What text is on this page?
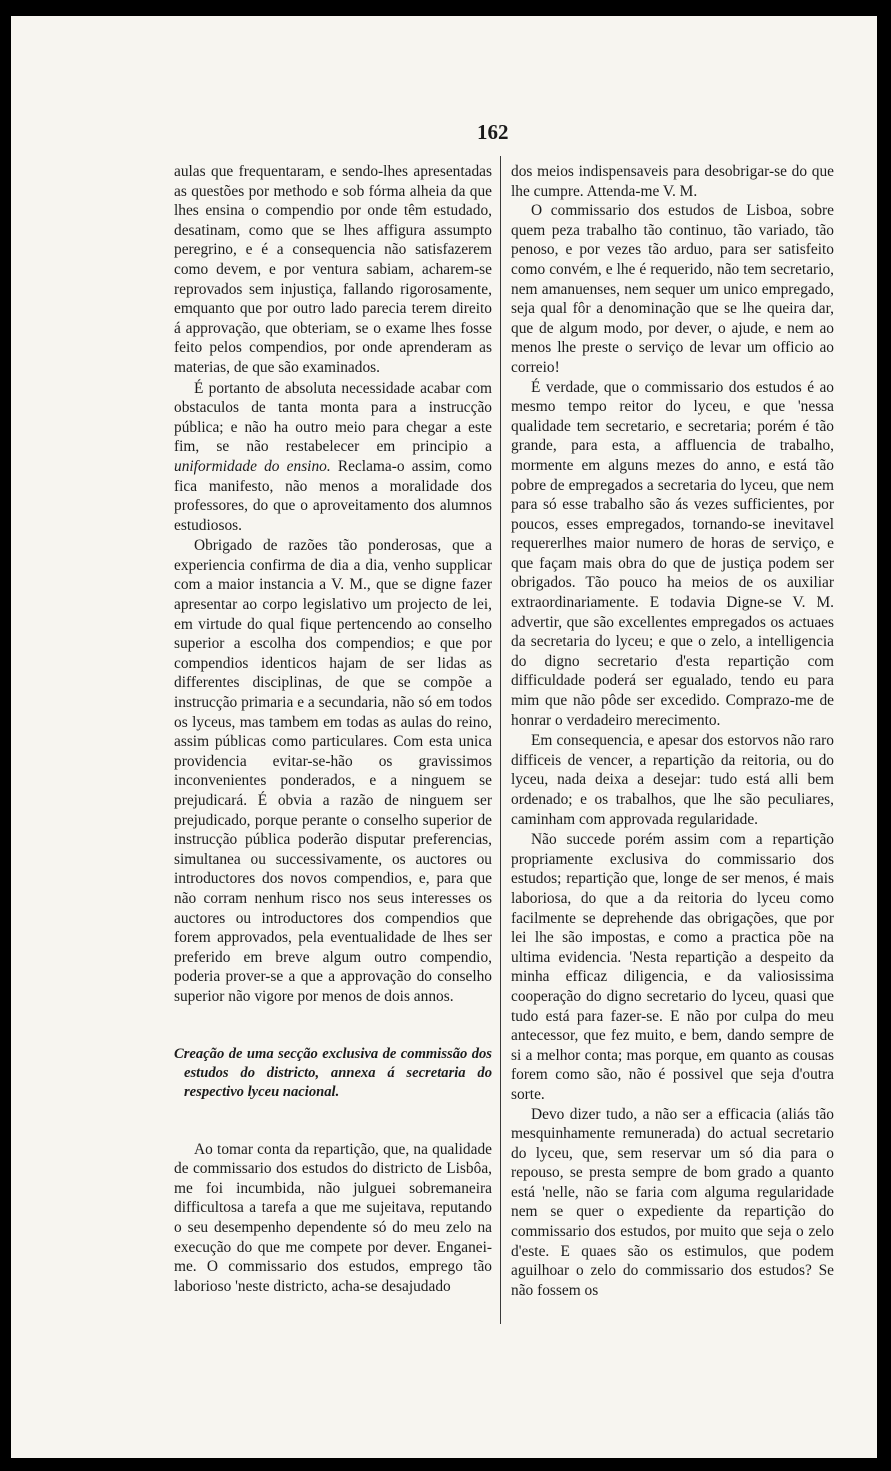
162

aulas que frequentaram, e sendo-lhes apresentadas as questões por methodo e sob fórma alheia da que lhes ensina o compendio por onde têm estudado, desatinam, como que se lhes affigura assumpto peregrino, e é a consequencia não satisfazerem como devem, e por ventura sabiam, acharem-se reprovados sem injustiça, fallando rigorosamente, emquanto que por outro lado parecia terem direito á approvação, que obteriam, se o exame lhes fosse feito pelos compendios, por onde aprenderam as materias, de que são examinados.

É portanto de absoluta necessidade acabar com obstaculos de tanta monta para a instrucção pública; e não ha outro meio para chegar a este fim, se não restabelecer em principio a uniformidade do ensino. Reclama-o assim, como fica manifesto, não menos a moralidade dos professores, do que o aproveitamento dos alumnos estudiosos.

Obrigado de razões tão ponderosas, que a experiencia confirma de dia a dia, venho supplicar com a maior instancia a V. M., que se digne fazer apresentar ao corpo legislativo um projecto de lei, em virtude do qual fique pertencendo ao conselho superior a escolha dos compendios; e que por compendios identicos hajam de ser lidas as differentes disciplinas, de que se compõe a instrucção primaria e a secundaria, não só em todos os lyceus, mas tambem em todas as aulas do reino, assim públicas como particulares. Com esta unica providencia evitar-se-hão os gravissimos inconvenientes ponderados, e a ninguem se prejudicará. É obvia a razão de ninguem ser prejudicado, porque perante o conselho superior de instrucção pública poderão disputar preferencias, simultanea ou successivamente, os auctores ou introductores dos novos compendios, e, para que não corram nenhum risco nos seus interesses os auctores ou introductores dos compendios que forem approvados, pela eventualidade de lhes ser preferido em breve algum outro compendio, poderia prover-se a que a approvação do conselho superior não vigore por menos de dois annos.

Creação de uma secção exclusiva de commissão dos estudos do districto, annexa á secretaria do respectivo lyceu nacional.

Ao tomar conta da repartição, que, na qualidade de commissario dos estudos do districto de Lisbôa, me foi incumbida, não julguei sobremaneira difficultosa a tarefa a que me sujeitava, reputando o seu desempenho dependente só do meu zelo na execução do que me compete por dever. Enganei-me. O commissario dos estudos, emprego tão laborioso 'neste districto, acha-se desajudado

dos meios indispensaveis para desobrigar-se do que lhe cumpre. Attenda-me V. M.

O commissario dos estudos de Lisboa, sobre quem peza trabalho tão continuo, tão variado, tão penoso, e por vezes tão arduo, para ser satisfeito como convém, e lhe é requerido, não tem secretario, nem amanuenses, nem sequer um unico empregado, seja qual fôr a denominação que se lhe queira dar, que de algum modo, por dever, o ajude, e nem ao menos lhe preste o serviço de levar um officio ao correio!

É verdade, que o commissario dos estudos é ao mesmo tempo reitor do lyceu, e que 'nessa qualidade tem secretario, e secretaria; porém é tão grande, para esta, a affluencia de trabalho, mormente em alguns mezes do anno, e está tão pobre de empregados a secretaria do lyceu, que nem para só esse trabalho são ás vezes sufficientes, por poucos, esses empregados, tornando-se inevitavel requererlhes maior numero de horas de serviço, e que façam mais obra do que de justiça podem ser obrigados. Tão pouco ha meios de os auxiliar extraordinariamente. E todavia Digne-se V. M. advertir, que são excellentes empregados os actuaes da secretaria do lyceu; e que o zelo, a intelligencia do digno secretario d'esta repartição com difficuldade poderá ser egualado, tendo eu para mim que não pôde ser excedido. Comprazo-me de honrar o verdadeiro merecimento.

Em consequencia, e apesar dos estorvos não raro difficeis de vencer, a repartição da reitoria, ou do lyceu, nada deixa a desejar: tudo está alli bem ordenado; e os trabalhos, que lhe são peculiares, caminham com approvada regularidade.

Não succede porém assim com a repartição propriamente exclusiva do commissario dos estudos; repartição que, longe de ser menos, é mais laboriosa, do que a da reitoria do lyceu como facilmente se deprehende das obrigações, que por lei lhe são impostas, e como a practica põe na ultima evidencia. 'Nesta repartição a despeito da minha efficaz diligencia, e da valiosissima cooperação do digno secretario do lyceu, quasi que tudo está para fazer-se. E não por culpa do meu antecessor, que fez muito, e bem, dando sempre de si a melhor conta; mas porque, em quanto as cousas forem como são, não é possivel que seja d'outra sorte.

Devo dizer tudo, a não ser a efficacia (aliás tão mesquinhamente remunerada) do actual secretario do lyceu, que, sem reservar um só dia para o repouso, se presta sempre de bom grado a quanto está 'nelle, não se faria com alguma regularidade nem se quer o expediente da repartição do commissario dos estudos, por muito que seja o zelo d'este. E quaes são os estimulos, que podem aguilhoar o zelo do commissario dos estudos? Se não fossem os
